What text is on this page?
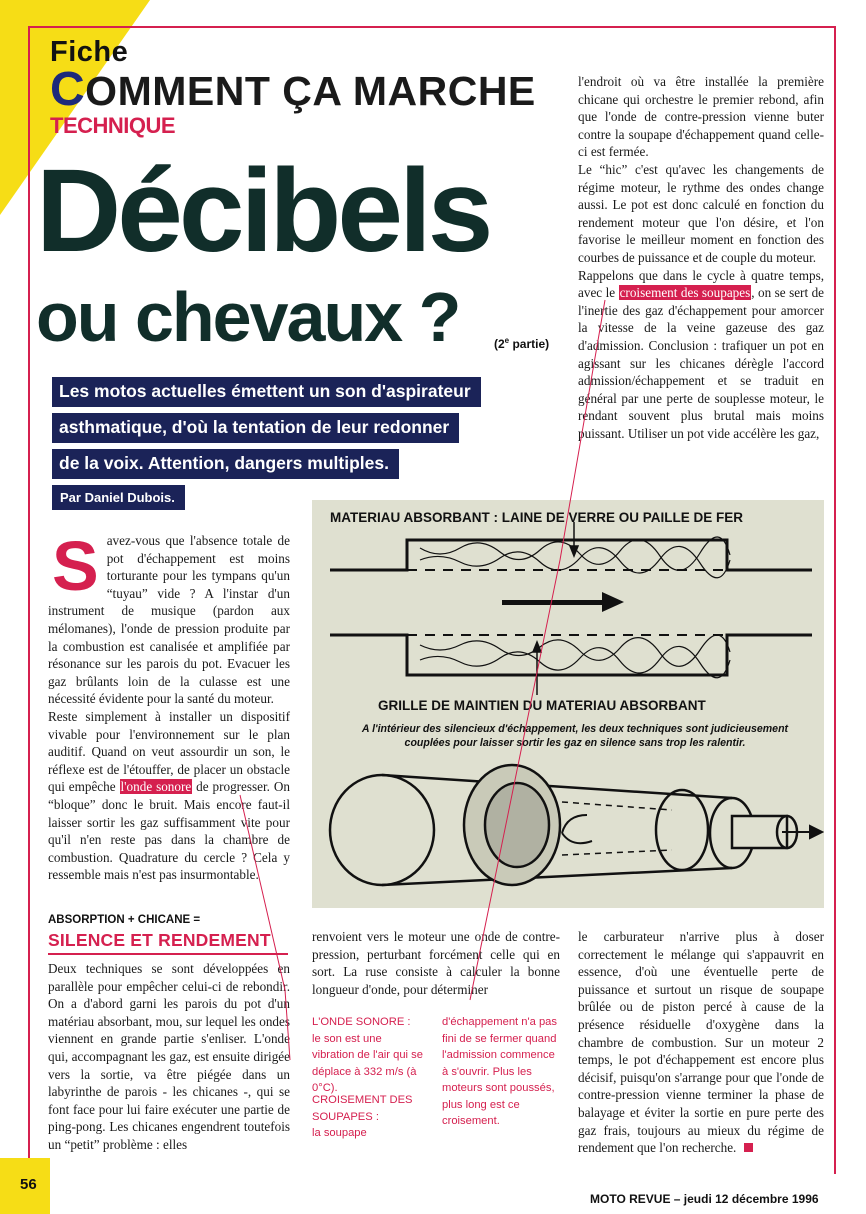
Fiche
COMMENT ÇA MARCHE
TECHNIQUE
Décibels
ou chevaux ?	(2e partie)
Les motos actuelles émettent un son d'aspirateur
asthmatique, d'où la tentation de leur redonner
de la voix. Attention, dangers multiples.
Par Daniel Dubois.
S avez-vous que l'absence totale de pot d'échappement est moins torturante pour les tympans qu'un “tuyau” vide ? A l'instar d'un instrument de musique (pardon aux mélomanes), l'onde de pression produite par la combustion est canalisée et amplifiée par résonance sur les parois du pot. Evacuer les gaz brûlants loin de la culasse est une nécessité évidente pour la santé du moteur.

Reste simplement à installer un dispositif vivable pour l'environnement sur le plan auditif. Quand on veut assourdir un son, le réflexe est de l'étouffer, de placer un obstacle qui empêche l'onde sonore de progresser. On “bloque” donc le bruit. Mais encore faut-il laisser sortir les gaz suffisamment vite pour qu'il n'en reste pas dans la chambre de combustion. Quadrature du cercle ? Cela y ressemble mais n'est pas insurmontable.

ABSORPTION + CHICANE =
SILENCE ET RENDEMENT
Deux techniques se sont développées en parallèle pour empêcher celui-ci de rebondir. On a d'abord garni les parois du pot d'un matériau absorbant, mou, sur lequel les ondes viennent en grande partie s'enliser. L'onde qui, accompagnant les gaz, est ensuite dirigée vers la sortie, va être piégée dans un labyrinthe de parois - les chicanes -, qui se font face pour lui faire exécuter une partie de ping-pong. Les chicanes engendrent toutefois un “petit” problème : elles

l'endroit où va être installée la première chicane qui orchestre le premier rebond, afin que l'onde de contre-pression vienne buter contre la soupape d'échappement quand celle-ci est fermée.

Le “hic” c'est qu'avec les changements de régime moteur, le rythme des ondes change aussi. Le pot est donc calculé en fonction du rendement moteur que l'on désire, et l'on favorise le meilleur moment en fonction des courbes de puissance et de couple du moteur.

Rappelons que dans le cycle à quatre temps, avec le croisement des soupapes, on se sert de l'inertie des gaz d'échappement pour amorcer la vitesse de la veine gazeuse des gaz d'admission. Conclusion : trafiquer un pot en agissant sur les chicanes dérègle l'accord admission/échappement et se traduit en général par une perte de souplesse moteur, le rendant souvent plus brutal mais moins puissant. Utiliser un pot vide accélère les gaz,

MATERIAU ABSORBANT : LAINE DE VERRE OU PAILLE DE FER
GRILLE DE MAINTIEN DU MATERIAU ABSORBANT
A l'intérieur des silencieux d'échappement, les deux techniques sont judicieusement couplées pour laisser sortir les gaz en silence sans trop les ralentir.
renvoient vers le moteur une onde de contre-pression, perturbant forcément celle qui en sort. La ruse consiste à calculer la bonne longueur d'onde, pour déterminer
L'ONDE SONORE :
le son est une vibration de l'air qui se déplace à 332 m/s (à 0°C).
CROISEMENT DES SOUPAPES :
la soupape
d'échappement n'a pas fini de se fermer quand l'admission commence à s'ouvrir. Plus les moteurs sont poussés, plus long est ce croisement.
le carburateur n'arrive plus à doser correctement le mélange qui s'appauvrit en essence, d'où une éventuelle perte de puissance et surtout un risque de soupape brûlée ou de piston percé à cause de la présence résiduelle d'oxygène dans la chambre de combustion. Sur un moteur 2 temps, le pot d'échappement est encore plus décisif, puisqu'on s'arrange pour que l'onde de contre-pression vienne terminer la phase de balayage et éviter la sortie en pure perte des gaz frais, toujours au mieux du régime de rendement que l'on recherche.
56
MOTO REVUE – jeudi 12 décembre 1996
